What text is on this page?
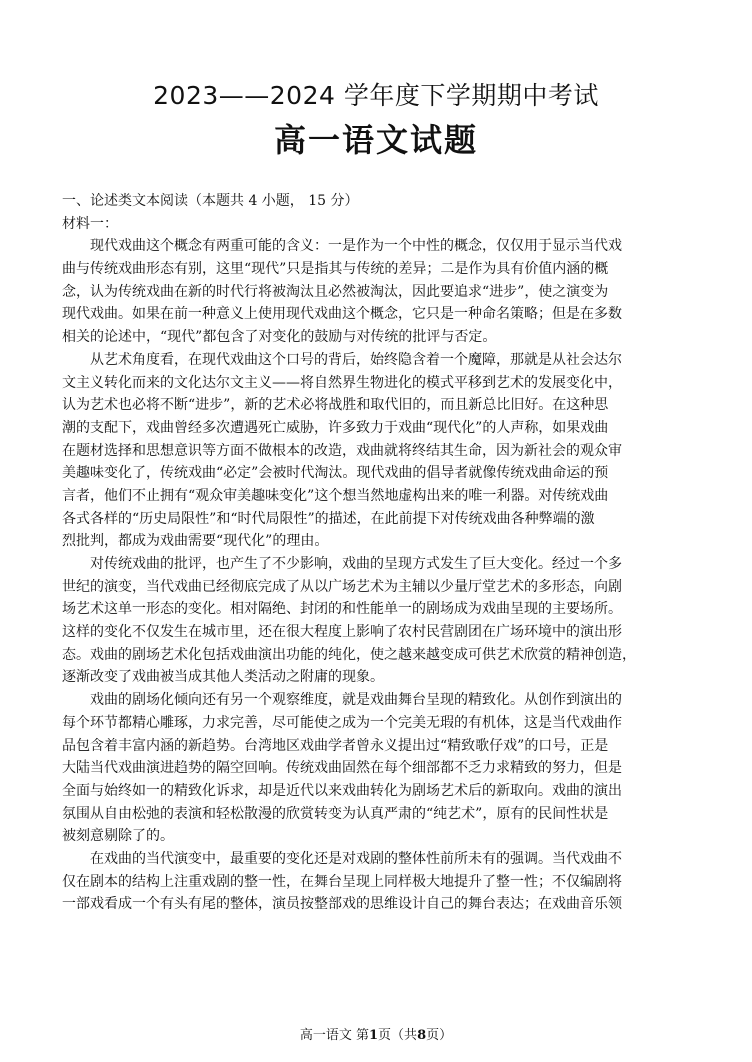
2023——2024 学年度下学期期中考试
高一语文试题
一、论述类文本阅读（本题共 4 小题， 15 分）
材料一：
现代戏曲这个概念有两重可能的含义：一是作为一个中性的概念，仅仅用于显示当代戏
曲与传统戏曲形态有别，这里“现代”只是指其与传统的差异；二是作为具有价值内涵的概
念，认为传统戏曲在新的时代行将被淘汰且必然被淘汰，因此要追求“进步”，使之演变为
现代戏曲。如果在前一种意义上使用现代戏曲这个概念，它只是一种命名策略；但是在多数
相关的论述中，“现代”都包含了对变化的鼓励与对传统的批评与否定。
从艺术角度看，在现代戏曲这个口号的背后，始终隐含着一个魔障，那就是从社会达尔
文主义转化而来的文化达尔文主义——将自然界生物进化的模式平移到艺术的发展变化中，
认为艺术也必将不断“进步”，新的艺术必将战胜和取代旧的，而且新总比旧好。在这种思
潮的支配下，戏曲曾经多次遭遇死亡威胁，许多致力于戏曲“现代化”的人声称，如果戏曲
在题材选择和思想意识等方面不做根本的改造，戏曲就将终结其生命，因为新社会的观众审
美趣味变化了，传统戏曲“必定”会被时代淘汰。现代戏曲的倡导者就像传统戏曲命运的预
言者，他们不止拥有“观众审美趣味变化”这个想当然地虚构出来的唯一利器。对传统戏曲
各式各样的“历史局限性”和“时代局限性”的描述，在此前提下对传统戏曲各种弊端的激
烈批判，都成为戏曲需要“现代化”的理由。
对传统戏曲的批评，也产生了不少影响，戏曲的呈现方式发生了巨大变化。经过一个多
世纪的演变，当代戏曲已经彻底完成了从以广场艺术为主辅以少量厅堂艺术的多形态，向剧
场艺术这单一形态的变化。相对隔绝、封闭的和性能单一的剧场成为戏曲呈现的主要场所。
这样的变化不仅发生在城市里，还在很大程度上影响了农村民营剧团在广场环境中的演出形
态。戏曲的剧场艺术化包括戏曲演出功能的纯化，使之越来越变成可供艺术欣赏的精神创造，
逐渐改变了戏曲被当成其他人类活动之附庸的现象。
戏曲的剧场化倾向还有另一个观察维度，就是戏曲舞台呈现的精致化。从创作到演出的
每个环节都精心雕琢，力求完善，尽可能使之成为一个完美无瑕的有机体，这是当代戏曲作
品包含着丰富内涵的新趋势。台湾地区戏曲学者曾永义提出过“精致歌仔戏”的口号，正是
大陆当代戏曲演进趋势的隔空回响。传统戏曲固然在每个细部都不乏力求精致的努力，但是
全面与始终如一的精致化诉求，却是近代以来戏曲转化为剧场艺术后的新取向。戏曲的演出
氛围从自由松弛的表演和轻松散漫的欣赏转变为认真严肃的“纯艺术”，原有的民间性状是
被刻意剔除了的。
在戏曲的当代演变中，最重要的变化还是对戏剧的整体性前所未有的强调。当代戏曲不
仅在剧本的结构上注重戏剧的整一性，在舞台呈现上同样极大地提升了整一性；不仅编剧将
一部戏看成一个有头有尾的整体，演员按整部戏的思维设计自己的舞台表达；在戏曲音乐领
高一语文 第1页（共8页）
